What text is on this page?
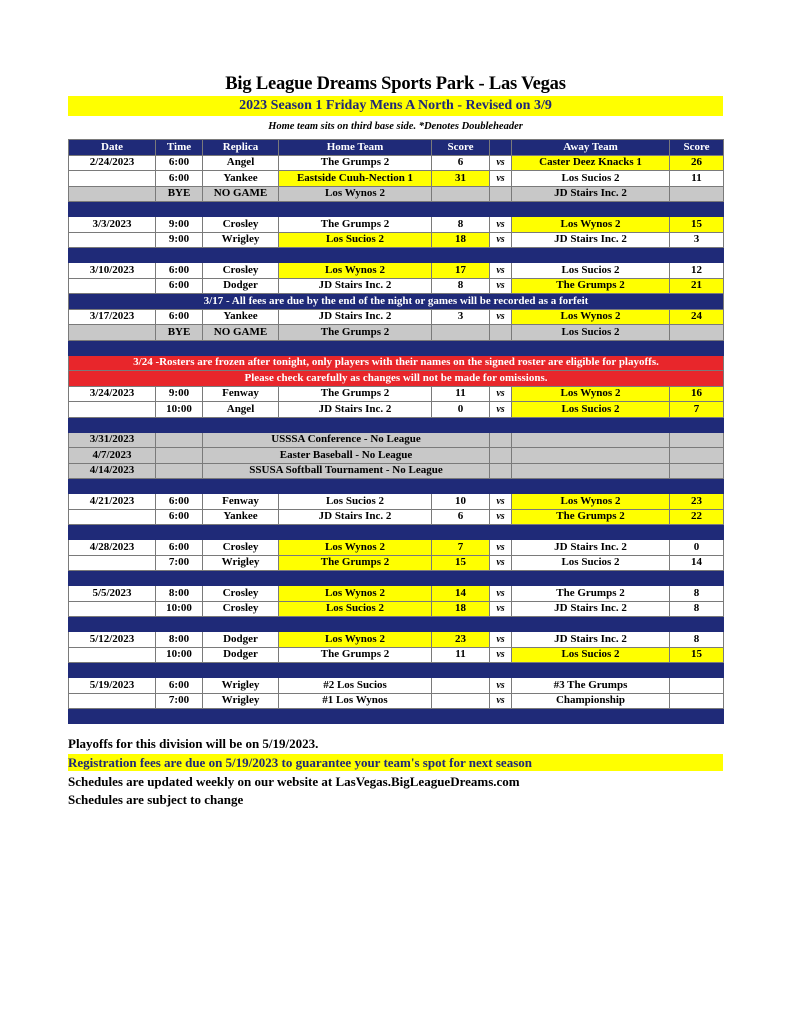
Big League Dreams Sports Park - Las Vegas
2023 Season 1 Friday Mens A North - Revised on 3/9
Home team sits on third base side. *Denotes Doubleheader
Date	Time	Replica	Home Team	Score		Away Team	Score
2/24/2023	6:00	Angel	The Grumps 2	6	vs	Caster Deez Knacks 1	26
	6:00	Yankee	Eastside Cuuh-Nection 1	31	vs	Los Sucios 2	11
	BYE	NO GAME	Los Wynos 2			JD Stairs Inc. 2	

3/3/2023	9:00	Crosley	The Grumps 2	8	vs	Los Wynos 2	15
	9:00	Wrigley	Los Sucios 2	18	vs	JD Stairs Inc. 2	3

3/10/2023	6:00	Crosley	Los Wynos 2	17	vs	Los Sucios 2	12
	6:00	Dodger	JD Stairs Inc. 2	8	vs	The Grumps 2	21
3/17 - All fees are due by the end of the night or games will be recorded as a forfeit							
3/17/2023	6:00	Yankee	JD Stairs Inc. 2	3	vs	Los Wynos 2	24
	BYE	NO GAME	The Grumps 2			Los Sucios 2	

3/24 -Rosters are frozen after tonight, only players with their names on the signed roster are eligible for playoffs.							
Please check carefully as changes will not be made for omissions.							
3/24/2023	9:00	Fenway	The Grumps 2	11	vs	Los Wynos 2	16
	10:00	Angel	JD Stairs Inc. 2	0	vs	Los Sucios 2	7

3/31/2023		USSSA Conference - No League					
4/7/2023		Easter Baseball - No League					
4/14/2023		SSUSA Softball Tournament - No League					

4/21/2023	6:00	Fenway	Los Sucios 2	10	vs	Los Wynos 2	23
	6:00	Yankee	JD Stairs Inc. 2	6	vs	The Grumps 2	22

4/28/2023	6:00	Crosley	Los Wynos 2	7	vs	JD Stairs Inc. 2	0
	7:00	Wrigley	The Grumps 2	15	vs	Los Sucios 2	14

5/5/2023	8:00	Crosley	Los Wynos 2	14	vs	The Grumps 2	8
	10:00	Crosley	Los Sucios 2	18	vs	JD Stairs Inc. 2	8

5/12/2023	8:00	Dodger	Los Wynos 2	23	vs	JD Stairs Inc. 2	8
	10:00	Dodger	The Grumps 2	11	vs	Los Sucios 2	15

5/19/2023	6:00	Wrigley	#2 Los Sucios		vs	#3 The Grumps	
	7:00	Wrigley	#1 Los Wynos		vs	Championship	

Playoffs for this division will be on 5/19/2023.
Registration fees are due on 5/19/2023 to guarantee your team's spot for next season
Schedules are updated weekly on our website at LasVegas.BigLeagueDreams.com
Schedules are subject to change
